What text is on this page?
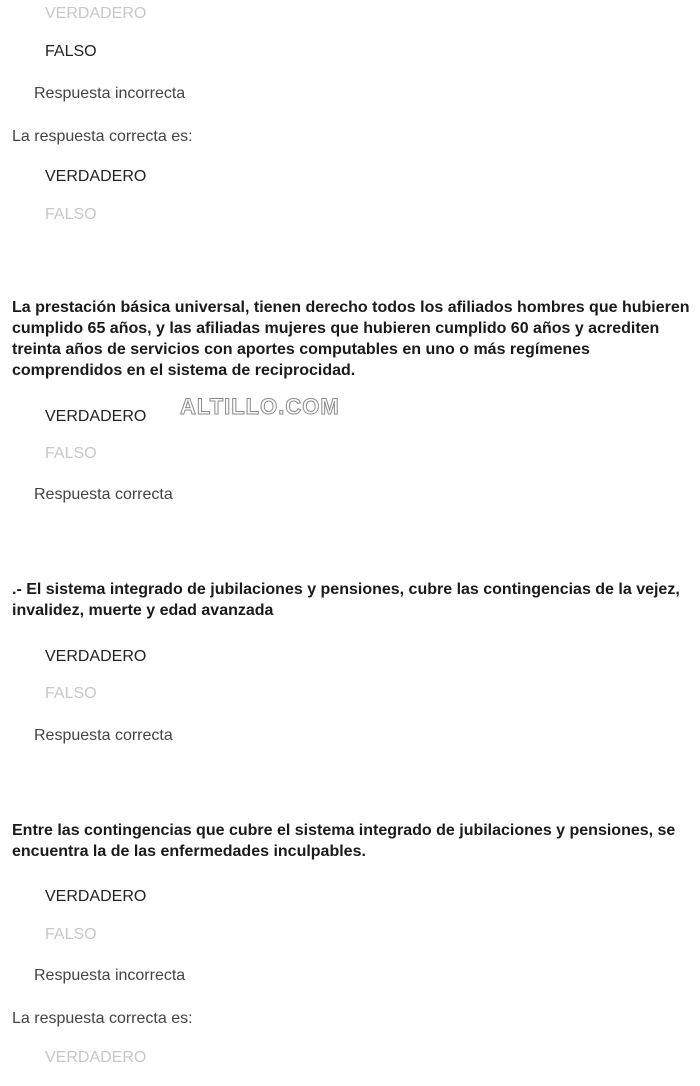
VERDADERO
FALSO
Respuesta incorrecta
La respuesta correcta es:
VERDADERO
FALSO
La prestación básica universal, tienen derecho todos los afiliados hombres que hubieren cumplido 65 años, y las afiliadas mujeres que hubieren cumplido 60 años y acrediten treinta años de servicios con aportes computables en uno o más regímenes comprendidos en el sistema de reciprocidad.
VERDADERO ALTILLO.COM
FALSO
Respuesta correcta
.- El sistema integrado de jubilaciones y pensiones, cubre las contingencias de la vejez, invalidez, muerte y edad avanzada
VERDADERO
FALSO
Respuesta correcta
Entre las contingencias que cubre el sistema integrado de jubilaciones y pensiones, se encuentra la de las enfermedades inculpables.
VERDADERO
FALSO
Respuesta incorrecta
La respuesta correcta es:
VERDADERO
